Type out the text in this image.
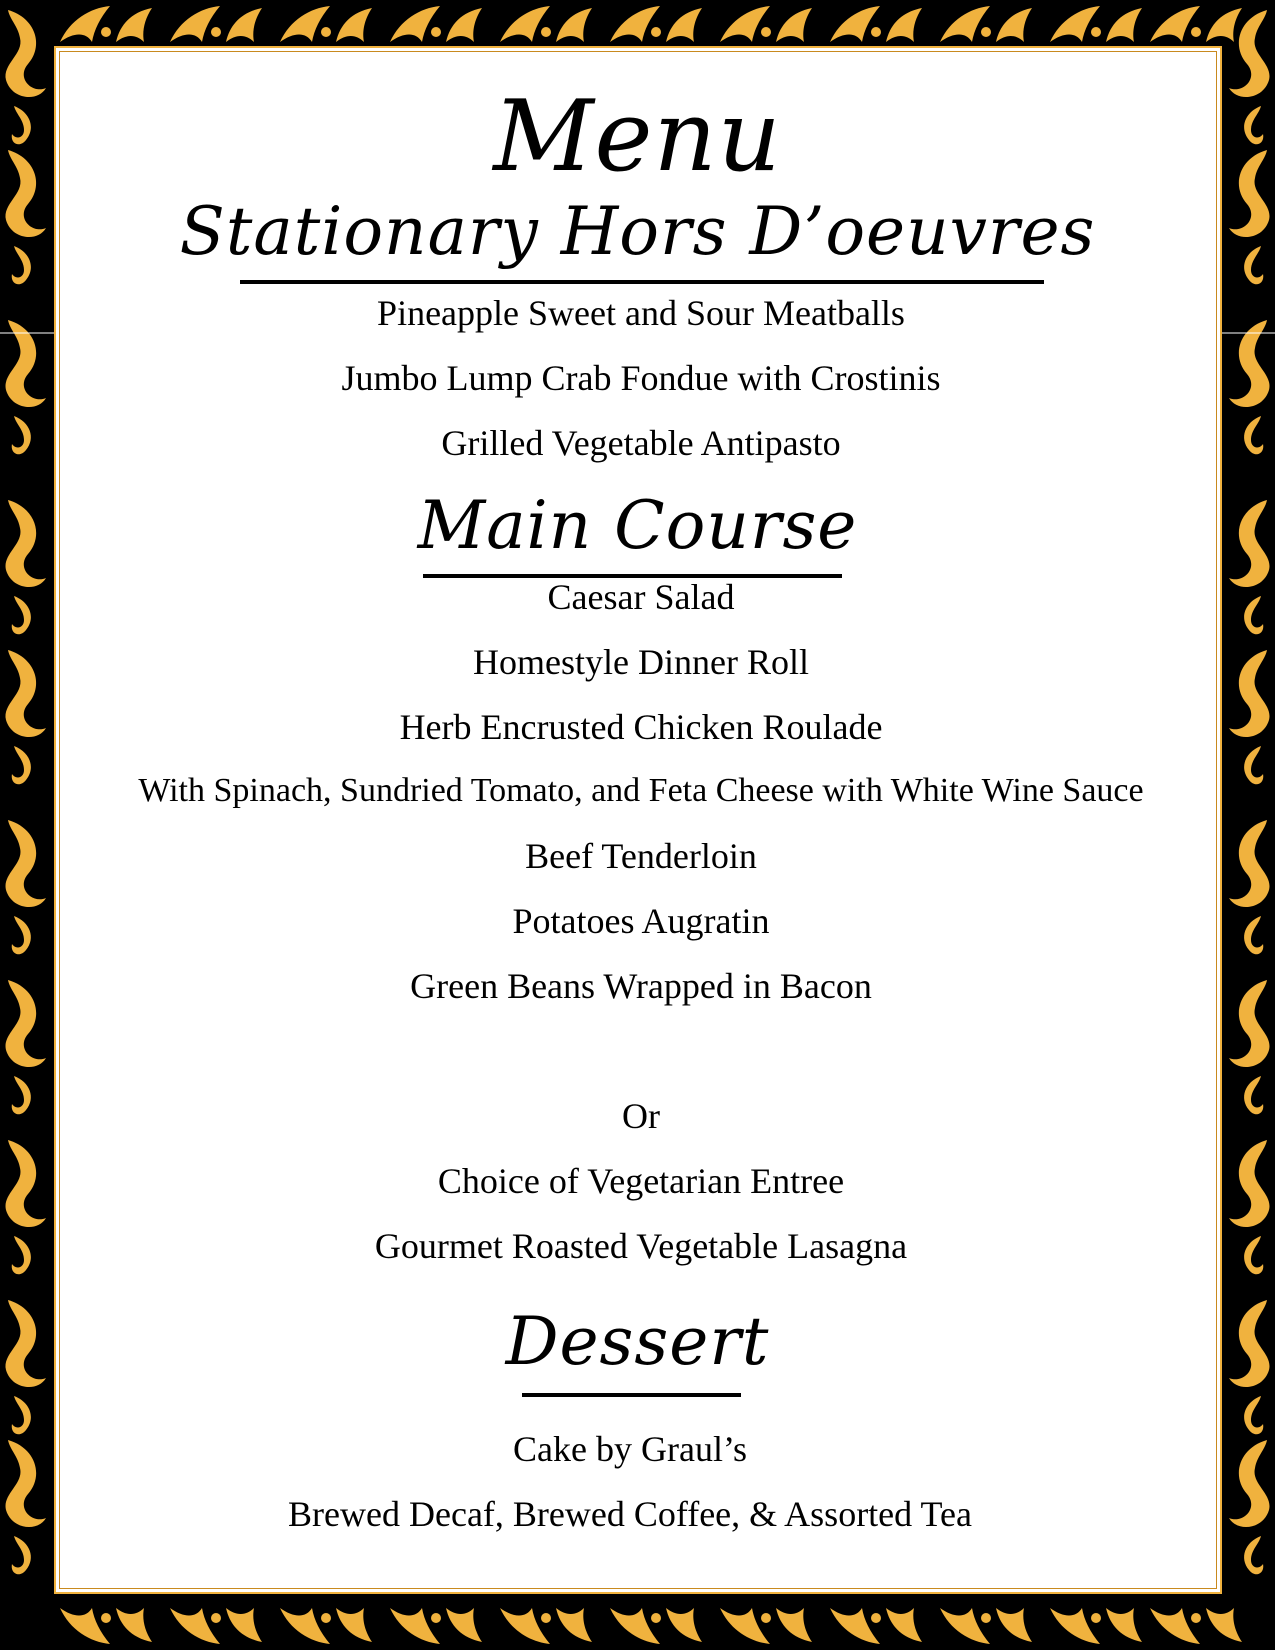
Menu
Stationary Hors D’oeuvres
Pineapple Sweet and Sour Meatballs
Jumbo Lump Crab Fondue with Crostinis
Grilled Vegetable Antipasto
Main Course
Caesar Salad
Homestyle Dinner Roll
Herb Encrusted Chicken Roulade
With Spinach, Sundried Tomato, and Feta Cheese with White Wine Sauce
Beef Tenderloin
Potatoes Augratin
Green Beans Wrapped in Bacon
Or
Choice of Vegetarian Entree
Gourmet Roasted Vegetable Lasagna
Dessert
Cake by Graul’s
Brewed Decaf, Brewed Coffee, & Assorted Tea
